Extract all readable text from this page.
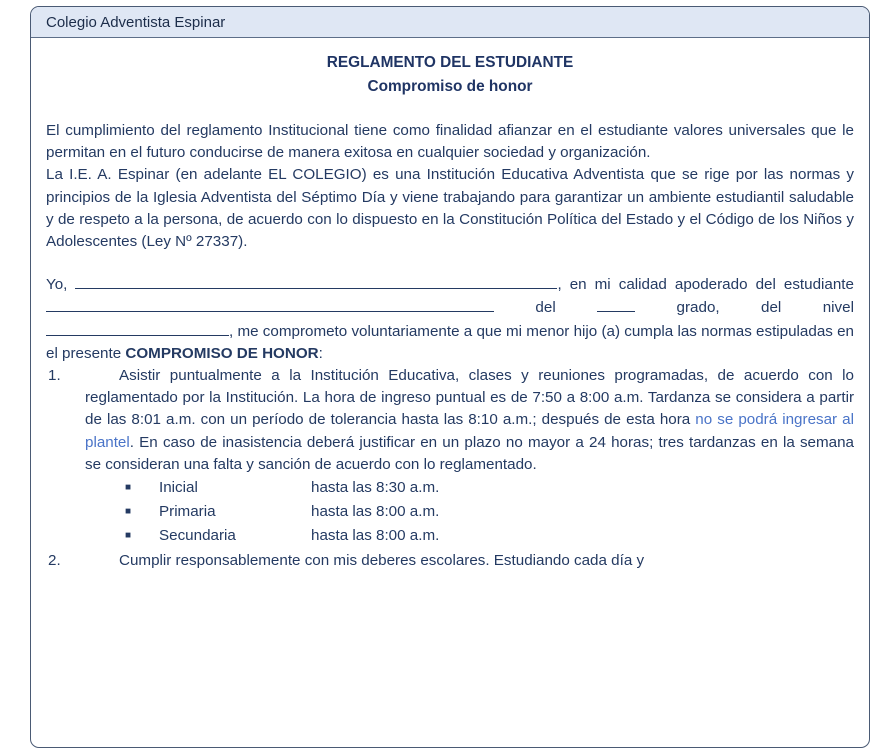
Colegio Adventista Espinar
REGLAMENTO DEL ESTUDIANTE
Compromiso de honor

El cumplimiento del reglamento Institucional tiene como finalidad afianzar en el estudiante valores universales que le permitan en el futuro conducirse de manera exitosa en cualquier sociedad y organización.

La I.E. A. Espinar (en adelante EL COLEGIO) es una Institución Educativa Adventista que se rige por las normas y principios de la Iglesia Adventista del Séptimo Día y viene trabajando para garantizar un ambiente estudiantil saludable y de respeto a la persona, de acuerdo con lo dispuesto en la Constitución Política del Estado y el Código de los Niños y Adolescentes (Ley Nº 27337).

Yo,	, en mi calidad apoderado del estudiante  del	grado, del nivel , me comprometo voluntariamente a que mi menor hijo (a) cumpla las normas estipuladas en el presente COMPROMISO DE HONOR:

1.	Asistir puntualmente a la Institución Educativa, clases y reuniones programadas, de acuerdo con lo reglamentado por la Institución. La hora de ingreso puntual es de 7:50 a 8:00 a.m. Tardanza se considera a partir de las 8:01 a.m. con un período de tolerancia hasta las 8:10 a.m.; después de esta hora no se podrá ingresar al plantel. En caso de inasistencia deberá justificar en un plazo no mayor a 24 horas; tres tardanzas en la semana se consideran una falta y sanción de acuerdo con lo reglamentado.
■	Inicial	hasta las 8:30 a.m.
■	Primaria	hasta las 8:00 a.m.
■	Secundaria	hasta las 8:00 a.m.
2.	Cumplir responsablemente con mis deberes escolares. Estudiando cada día y
